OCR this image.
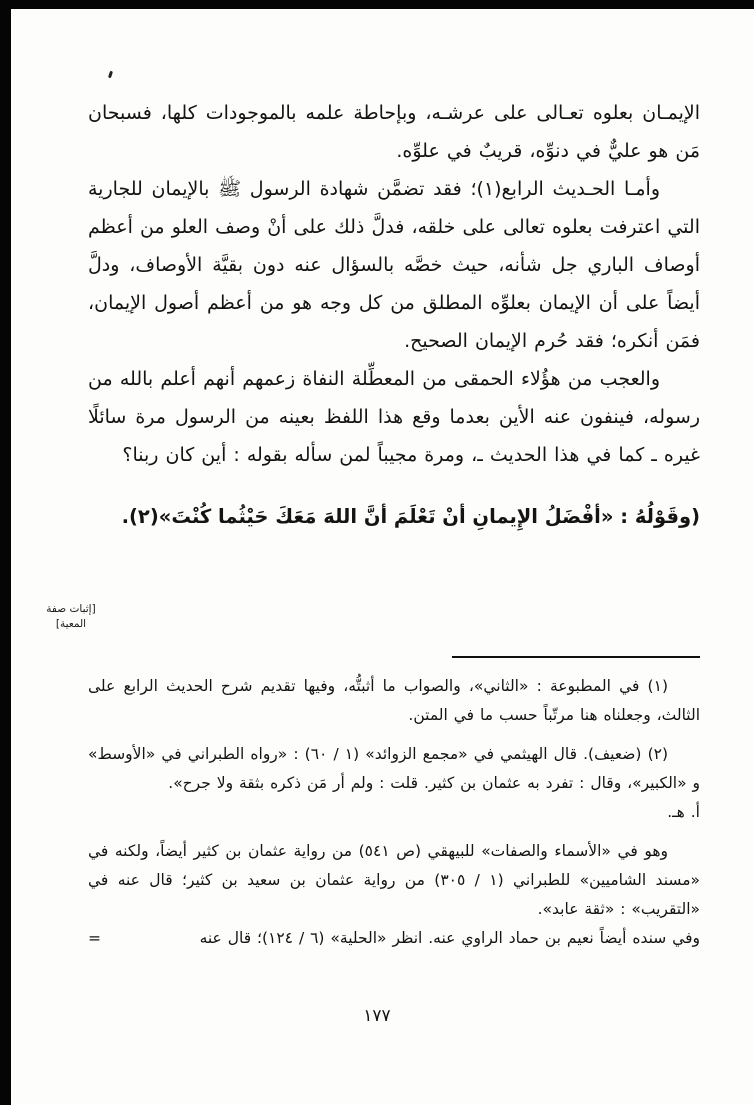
الإيمـان بعلوه تعـالى على عرشـه، وبإحاطة علمه بالموجودات كلها، فسبحان مَن هو عليٌّ في دنوِّه، قريبٌ في علوِّه.

وأمـا الحـديث الرابع(١)؛ فقد تضمَّن شهادة الرسول ﷺ بالإيمان للجارية التي اعترفت بعلوه تعالى على خلقه، فدلَّ ذلك على أنْ وصف العلو من أعظم أوصاف الباري جل شأنه، حيث خصَّه بالسؤال عنه دون بقيَّة الأوصاف، ودلَّ أيضاً على أن الإيمان بعلوِّه المطلق من كل وجه هو من أعظم أصول الإيمان، فمَن أنكره؛ فقد حُرم الإيمان الصحيح.

والعجب من هؤُلاء الحمقى من المعطِّلة النفاة زعمهم أنهم أعلم بالله من رسوله، فينفون عنه الأين بعدما وقع هذا اللفظ بعينه من الرسول مرة سائلًا غيره ـ كما في هذا الحديث ـ، ومرة مجيباً لمن سأله بقوله : أين كان ربنا؟

(وقَوْلُهُ : «أفْضَلُ الإِيمانِ أنْ تَعْلَمَ أنَّ اللهَ مَعَكَ حَيْثُما كُنْتَ»(٢).

[إثبات صفة
المعية]

(١) في المطبوعة : «الثاني»، والصواب ما أثبتُّه، وفيها تقديم شرح الحديث الرابع على الثالث، وجعلناه هنا مرتّباً حسب ما في المتن.

(٢) (ضعيف). قال الهيثمي في «مجمع الزوائد» (١ / ٦٠) : «رواه الطبراني في «الأوسط» و «الكبير»، وقال : تفرد به عثمان بن كثير. قلت : ولم أر مَن ذكره بثقة ولا جرح».

أ. هـ.

وهو في «الأسماء والصفات» للبيهقي (ص ٥٤١) من رواية عثمان بن كثير أيضاً، ولكنه في «مسند الشاميين» للطبراني (١ / ٣٠٥) من رواية عثمان بن سعيد بن كثير؛ قال عنه في «التقريب» : «ثقة عابد».

وفي سنده أيضاً نعيم بن حماد الراوي عنه. انظر «الحلية» (٦ / ١٢٤)؛ قال عنه
=

١٧٧
